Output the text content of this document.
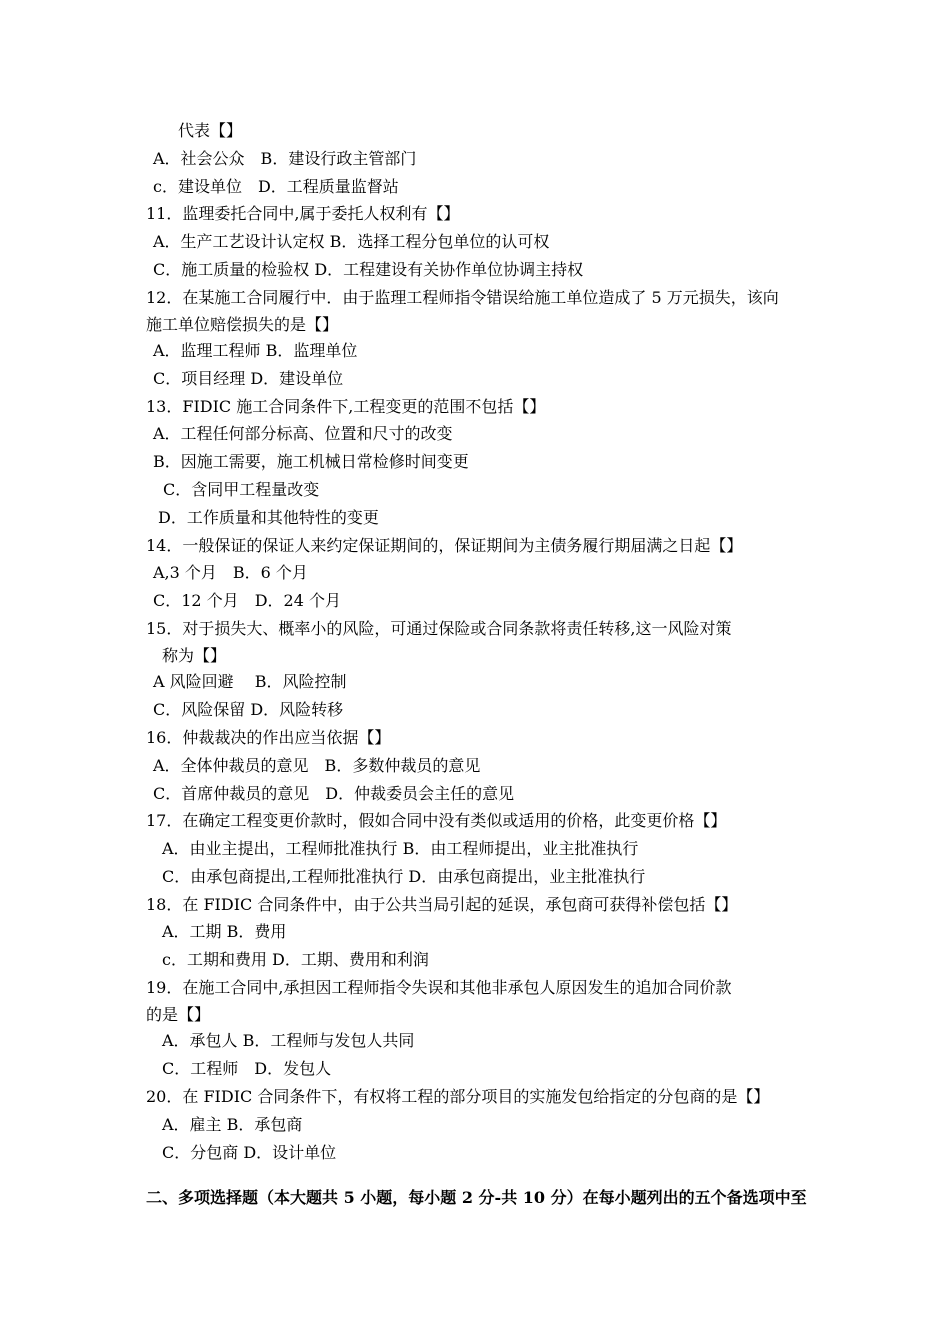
代表【】
A．社会公众　B．建设行政主管部门
c．建设单位　D．工程质量监督站
11．监理委托合同中,属于委托人权利有【】
A．生产工艺设计认定权 B．选择工程分包单位的认可权
C．施工质量的检验权 D．工程建设有关协作单位协调主持权
12．在某施工合同履行中．由于监理工程师指令错误给施工单位造成了 5 万元损失，该向
施工单位赔偿损失的是【】
A．监理工程师 B．监理单位
C．项目经理 D．建设单位
13．FIDIC 施工合同条件下,工程变更的范围不包括【】
A．工程任何部分标高、位置和尺寸的改变
B．因施工需要，施工机械日常检修时间变更
C．含同甲工程量改变
D．工作质量和其他特性的变更
14．一般保证的保证人来约定保证期间的，保证期间为主债务履行期届满之日起【】
A,3 个月　B．6 个月
C．12 个月　D．24 个月
15．对于损失大、概率小的风险，可通过保险或合同条款将责任转移,这一风险对策
称为【】
A 风险回避　 B．风险控制
C．风险保留 D．风险转移
16．仲裁裁决的作出应当依据【】
A．全体仲裁员的意见　B．多数仲裁员的意见
C．首席仲裁员的意见　D．仲裁委员会主任的意见
17．在确定工程变更价款时，假如合同中没有类似或适用的价格，此变更价格【】
A．由业主提出，工程师批准执行 B．由工程师提出，业主批准执行
C．由承包商提出,工程师批准执行 D．由承包商提出，业主批准执行
18．在 FIDIC 合同条件中，由于公共当局引起的延误，承包商可获得补偿包括【】
A．工期 B．费用
c．工期和费用 D．工期、费用和利润
19．在施工合同中,承担因工程师指令失误和其他非承包人原因发生的追加合同价款
的是【】
A．承包人 B．工程师与发包人共同
C．工程师　D．发包人
20．在 FIDIC 合同条件下，有权将工程的部分项目的实施发包给指定的分包商的是【】
A．雇主 B．承包商
C．分包商 D．设计单位
二、多项选择题（本大题共 5 小题，每小题 2 分-共 10 分）在每小题列出的五个备选项中至
